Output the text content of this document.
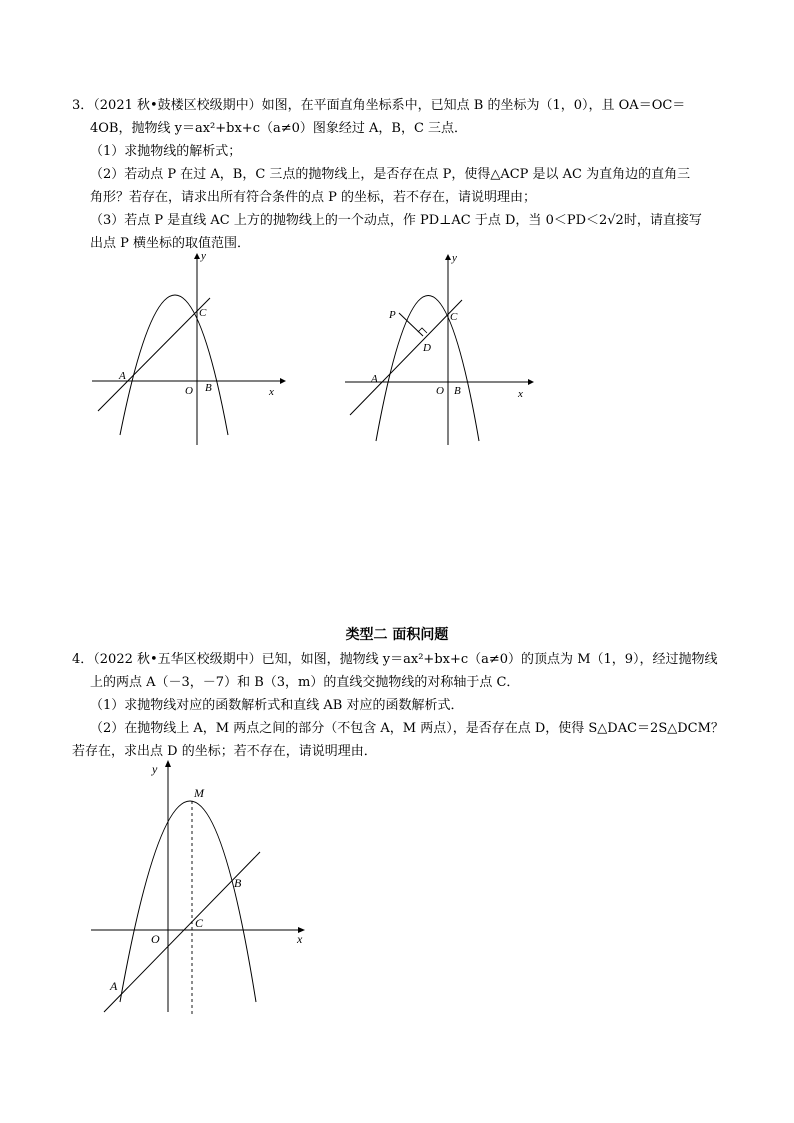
3．（2021 秋•鼓楼区校级期中）如图，在平面直角坐标系中，已知点 B 的坐标为（1，0），且 OA＝OC＝
4OB，抛物线 y＝ax²+bx+c（a≠0）图象经过 A，B，C 三点．
（1）求抛物线的解析式；
（2）若动点 P 在过 A，B，C 三点的抛物线上，是否存在点 P，使得△ACP 是以 AC 为直角边的直角三
角形？若存在，请求出所有符合条件的点 P 的坐标，若不存在，请说明理由；
（3）若点 P 是直线 AC 上方的抛物线上的一个动点，作 PD⊥AC 于点 D，当 0＜PD＜2√2时，请直接写
出点 P 横坐标的取值范围．
A
O B
C
x
y
P
D
A
O B
C
x
y
类型二 面积问题
4．（2022 秋•五华区校级期中）已知，如图，抛物线 y＝ax²+bx+c（a≠0）的顶点为 M（1，9），经过抛物线
上的两点 A（－3，－7）和 B（3，m）的直线交抛物线的对称轴于点 C．
（1）求抛物线对应的函数解析式和直线 AB 对应的函数解析式．
（2）在抛物线上 A，M 两点之间的部分（不包含 A，M 两点），是否存在点 D，使得 S△DAC＝2S△DCM？
若存在，求出点 D 的坐标；若不存在，请说明理由．
M
B
C
O
A
x
y
